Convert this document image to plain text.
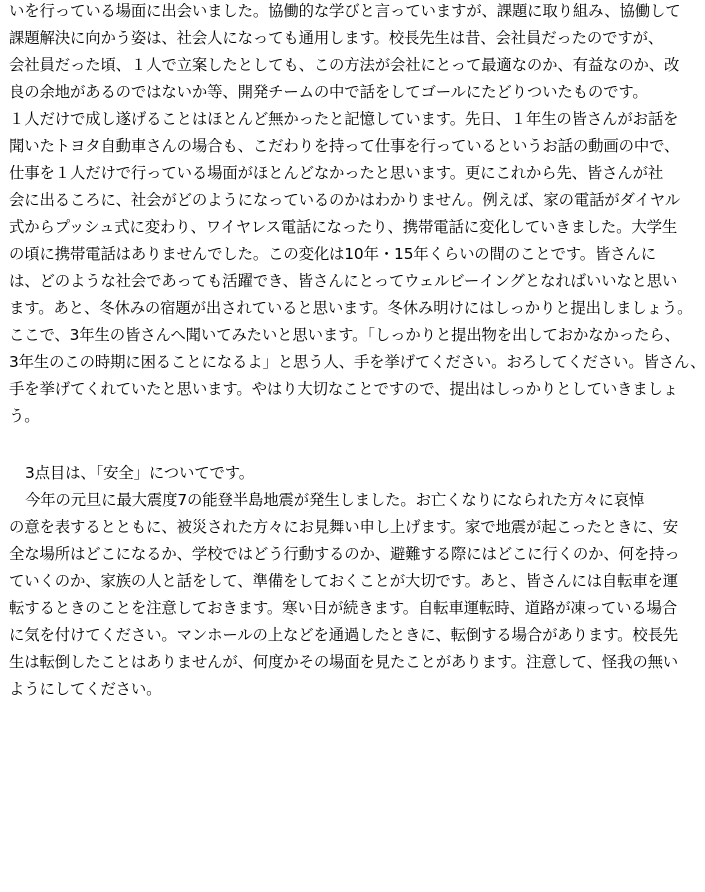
いを行っている場面に出会いました。協働的な学びと言っていますが、課題に取り組み、協働して
課題解決に向かう姿は、社会人になっても通用します。校長先生は昔、会社員だったのですが、
会社員だった頃、１人で立案したとしても、この方法が会社にとって最適なのか、有益なのか、改
良の余地があるのではないか等、開発チームの中で話をしてゴールにたどりついたものです。
１人だけで成し遂げることはほとんど無かったと記憶しています。先日、１年生の皆さんがお話を
聞いたトヨタ自動車さんの場合も、こだわりを持って仕事を行っているというお話の動画の中で、
仕事を１人だけで行っている場面がほとんどなかったと思います。更にこれから先、皆さんが社
会に出るころに、社会がどのようになっているのかはわかりません。例えば、家の電話がダイヤル
式からプッシュ式に変わり、ワイヤレス電話になったり、携帯電話に変化していきました。大学生
の頃に携帯電話はありませんでした。この変化は10年・15年くらいの間のことです。皆さんに
は、どのような社会であっても活躍でき、皆さんにとってウェルビーイングとなればいいなと思い
ます。あと、冬休みの宿題が出されていると思います。冬休み明けにはしっかりと提出しましょう。
ここで、3年生の皆さんへ聞いてみたいと思います。「しっかりと提出物を出しておかなかったら、
3年生のこの時期に困ることになるよ」と思う人、手を挙げてください。おろしてください。皆さん、
手を挙げてくれていたと思います。やはり大切なことですので、提出はしっかりとしていきましょ
う。
3点目は、「安全」についてです。
今年の元旦に最大震度7の能登半島地震が発生しました。お亡くなりになられた方々に哀悼
の意を表するとともに、被災された方々にお見舞い申し上げます。家で地震が起こったときに、安
全な場所はどこになるか、学校ではどう行動するのか、避難する際にはどこに行くのか、何を持っ
ていくのか、家族の人と話をして、準備をしておくことが大切です。あと、皆さんには自転車を運
転するときのことを注意しておきます。寒い日が続きます。自転車運転時、道路が凍っている場合
に気を付けてください。マンホールの上などを通過したときに、転倒する場合があります。校長先
生は転倒したことはありませんが、何度かその場面を見たことがあります。注意して、怪我の無い
ようにしてください。
